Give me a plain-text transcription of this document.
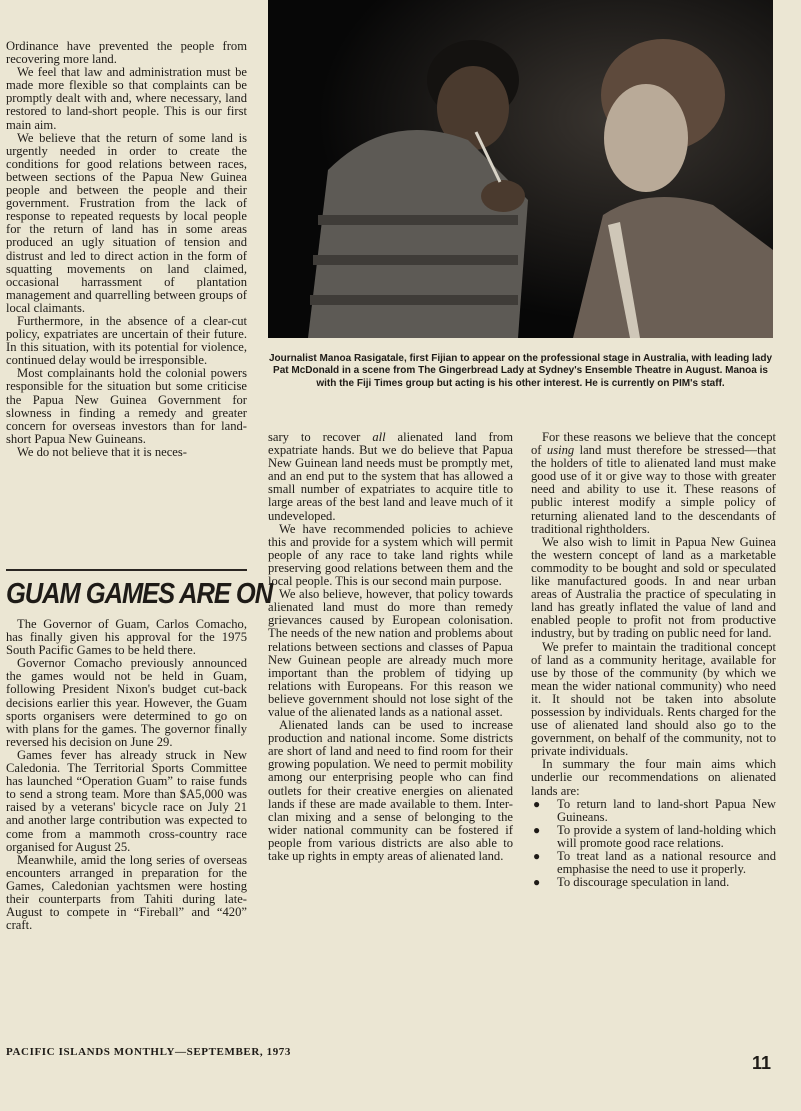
Ordinance have prevented the people from recovering more land.

We feel that law and administration must be made more flexible so that complaints can be promptly dealt with and, where necessary, land restored to land-short people. This is our first main aim.

We believe that the return of some land is urgently needed in order to create the conditions for good relations between races, between sections of the Papua New Guinea people and between the people and their government. Frustration from the lack of response to repeated requests by local people for the return of land has in some areas produced an ugly situation of tension and distrust and led to direct action in the form of squatting movements on land claimed, occasional harrassment of plantation management and quarrelling between groups of local claimants.

Furthermore, in the absence of a clear-cut policy, expatriates are uncertain of their future. In this situation, with its potential for violence, continued delay would be irresponsible.

Most complainants hold the colonial powers responsible for the situation but some criticise the Papua New Guinea Government for slowness in finding a remedy and greater concern for overseas investors than for land-short Papua New Guineans.

We do not believe that it is neces-

GUAM GAMES ARE ON

The Governor of Guam, Carlos Comacho, has finally given his approval for the 1975 South Pacific Games to be held there.

Governor Comacho previously announced the games would not be held in Guam, following President Nixon's budget cut-back decisions earlier this year. However, the Guam sports organisers were determined to go on with plans for the games. The governor finally reversed his decision on June 29.

Games fever has already struck in New Caledonia. The Territorial Sports Committee has launched “Operation Guam” to raise funds to send a strong team. More than $A5,000 was raised by a veterans' bicycle race on July 21 and another large contribution was expected to come from a mammoth cross-country race organised for August 25.

Meanwhile, amid the long series of overseas encounters arranged in preparation for the Games, Caledonian yachtsmen were hosting their counterparts from Tahiti during late-August to compete in “Fireball” and “420” craft.

Journalist Manoa Rasigatale, first Fijian to appear on the professional stage in Australia, with leading lady Pat McDonald in a scene from The Gingerbread Lady at Sydney's Ensemble Theatre in August. Manoa is with the Fiji Times group but acting is his other interest. He is currently on PIM's staff.

sary to recover all alienated land from expatriate hands. But we do believe that Papua New Guinean land needs must be promptly met, and an end put to the system that has allowed a small number of expatriates to acquire title to large areas of the best land and leave much of it undeveloped.

We have recommended policies to achieve this and provide for a system which will permit people of any race to take land rights while preserving good relations between them and the local people. This is our second main purpose.

We also believe, however, that policy towards alienated land must do more than remedy grievances caused by European colonisation. The needs of the new nation and problems about relations between sections and classes of Papua New Guinean people are already much more important than the problem of tidying up relations with Europeans. For this reason we believe government should not lose sight of the value of the alienated lands as a national asset.

Alienated lands can be used to increase production and national income. Some districts are short of land and need to find room for their growing population. We need to permit mobility among our enterprising people who can find outlets for their creative energies on alienated lands if these are made available to them. Inter-clan mixing and a sense of belonging to the wider national community can be fostered if people from various districts are also able to take up rights in empty areas of alienated land.

For these reasons we believe that the concept of using land must therefore be stressed—that the holders of title to alienated land must make good use of it or give way to those with greater need and ability to use it. These reasons of public interest modify a simple policy of returning alienated land to the descendants of traditional rightholders.

We also wish to limit in Papua New Guinea the western concept of land as a marketable commodity to be bought and sold or speculated like manufactured goods. In and near urban areas of Australia the practice of speculating in land has greatly inflated the value of land and enabled people to profit not from productive industry, but by trading on public need for land.

We prefer to maintain the traditional concept of land as a community heritage, available for use by those of the community (by which we mean the wider national community) who need it. It should not be taken into absolute possession by individuals. Rents charged for the use of alienated land should also go to the government, on behalf of the community, not to private individuals.

In summary the four main aims which underlie our recommendations on alienated lands are:

● To return land to land-short Papua New Guineans.
● To provide a system of land-holding which will promote good race relations.
● To treat land as a national resource and emphasise the need to use it properly.
● To discourage speculation in land.
PACIFIC ISLANDS MONTHLY—SEPTEMBER, 1973
11
